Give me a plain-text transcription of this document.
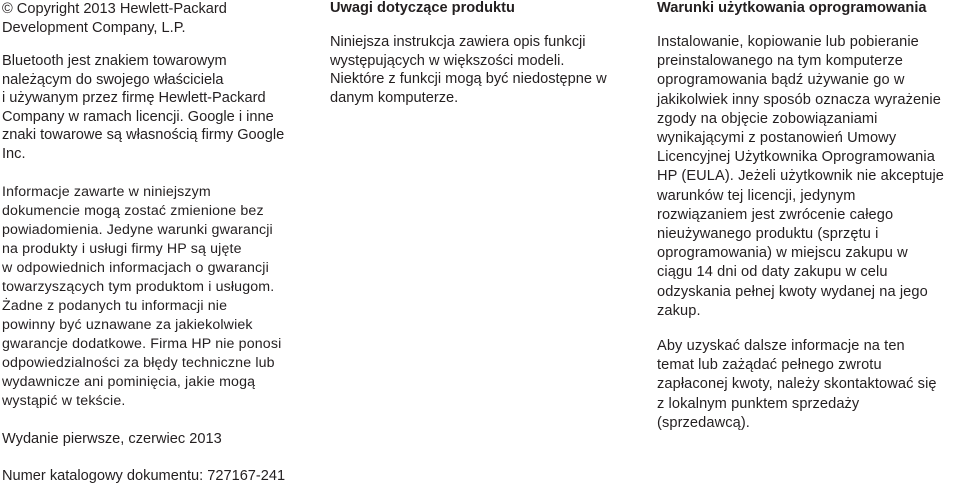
© Copyright 2013 Hewlett-Packard
Development Company, L.P.

Bluetooth jest znakiem towarowym
należącym do swojego właściciela
i używanym przez firmę Hewlett-Packard
Company w ramach licencji. Google i inne
znaki towarowe są własnością firmy Google
Inc.

Informacje zawarte w niniejszym
dokumencie mogą zostać zmienione bez
powiadomienia. Jedyne warunki gwarancji
na produkty i usługi firmy HP są ujęte
w odpowiednich informacjach o gwarancji
towarzyszących tym produktom i usługom.
Żadne z podanych tu informacji nie
powinny być uznawane za jakiekolwiek
gwarancje dodatkowe. Firma HP nie ponosi
odpowiedzialności za błędy techniczne lub
wydawnicze ani pominięcia, jakie mogą
wystąpić w tekście.

Wydanie pierwsze, czerwiec 2013

Numer katalogowy dokumentu: 727167-241

Uwagi dotyczące produktu

Niniejsza instrukcja zawiera opis funkcji
występujących w większości modeli.
Niektóre z funkcji mogą być niedostępne w
danym komputerze.

Warunki użytkowania oprogramowania

Instalowanie, kopiowanie lub pobieranie
preinstalowanego na tym komputerze
oprogramowania bądź używanie go w
jakikolwiek inny sposób oznacza wyrażenie
zgody na objęcie zobowiązaniami
wynikającymi z postanowień Umowy
Licencyjnej Użytkownika Oprogramowania
HP (EULA). Jeżeli użytkownik nie akceptuje
warunków tej licencji, jedynym
rozwiązaniem jest zwrócenie całego
nieużywanego produktu (sprzętu i
oprogramowania) w miejscu zakupu w
ciągu 14 dni od daty zakupu w celu
odzyskania pełnej kwoty wydanej na jego
zakup.

Aby uzyskać dalsze informacje na ten
temat lub zażądać pełnego zwrotu
zapłaconej kwoty, należy skontaktować się
z lokalnym punktem sprzedaży
(sprzedawcą).
